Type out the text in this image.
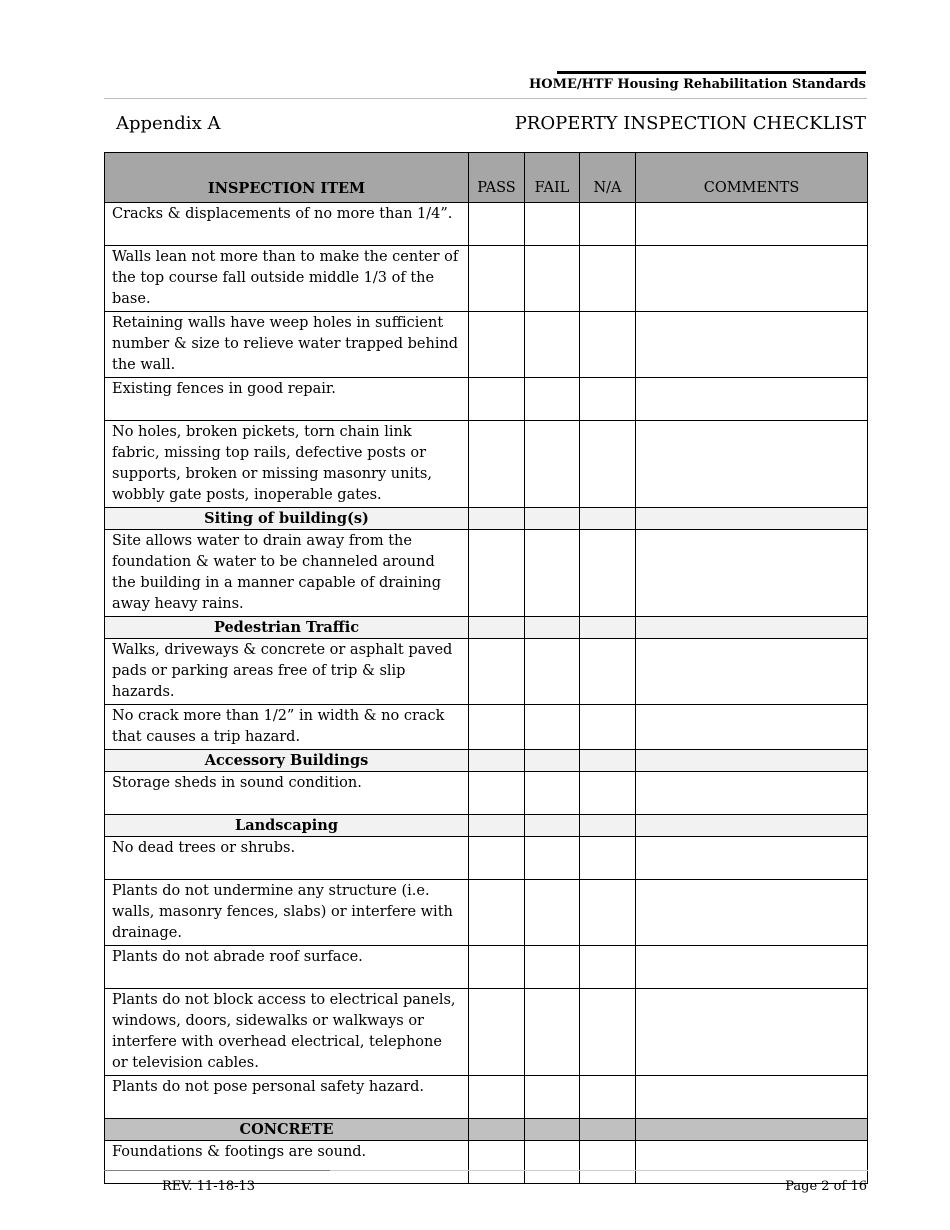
HOME/HTF Housing Rehabilitation Standards
Appendix A	PROPERTY INSPECTION CHECKLIST
INSPECTION ITEM	PASS	FAIL	N/A	COMMENTS
Cracks & displacements of no more than 1/4”.				
Walls lean not more than to make the center of the top course fall outside middle 1/3 of the base.				
Retaining walls have weep holes in sufficient number & size to relieve water trapped behind the wall.				
Existing fences in good repair.				
No holes, broken pickets, torn chain link fabric, missing top rails, defective posts or supports, broken or missing masonry units, wobbly gate posts, inoperable gates.				
Siting of building(s)				
Site allows water to drain away from the foundation & water to be channeled around the building in a manner capable of draining away heavy rains.				
Pedestrian Traffic				
Walks, driveways & concrete or asphalt paved pads or parking areas free of trip & slip hazards.				
No crack more than 1/2” in width & no crack that causes a trip hazard.				
Accessory Buildings				
Storage sheds in sound condition.				
Landscaping				
No dead trees or shrubs.				
Plants do not undermine any structure (i.e. walls, masonry fences, slabs) or interfere with drainage.				
Plants do not abrade roof surface.				
Plants do not block access to electrical panels, windows, doors, sidewalks or walkways or interfere with overhead electrical, telephone or television cables.				
Plants do not pose personal safety hazard.				
CONCRETE				
Foundations & footings are sound.				
REV. 11-18-13	Page 2 of 16
